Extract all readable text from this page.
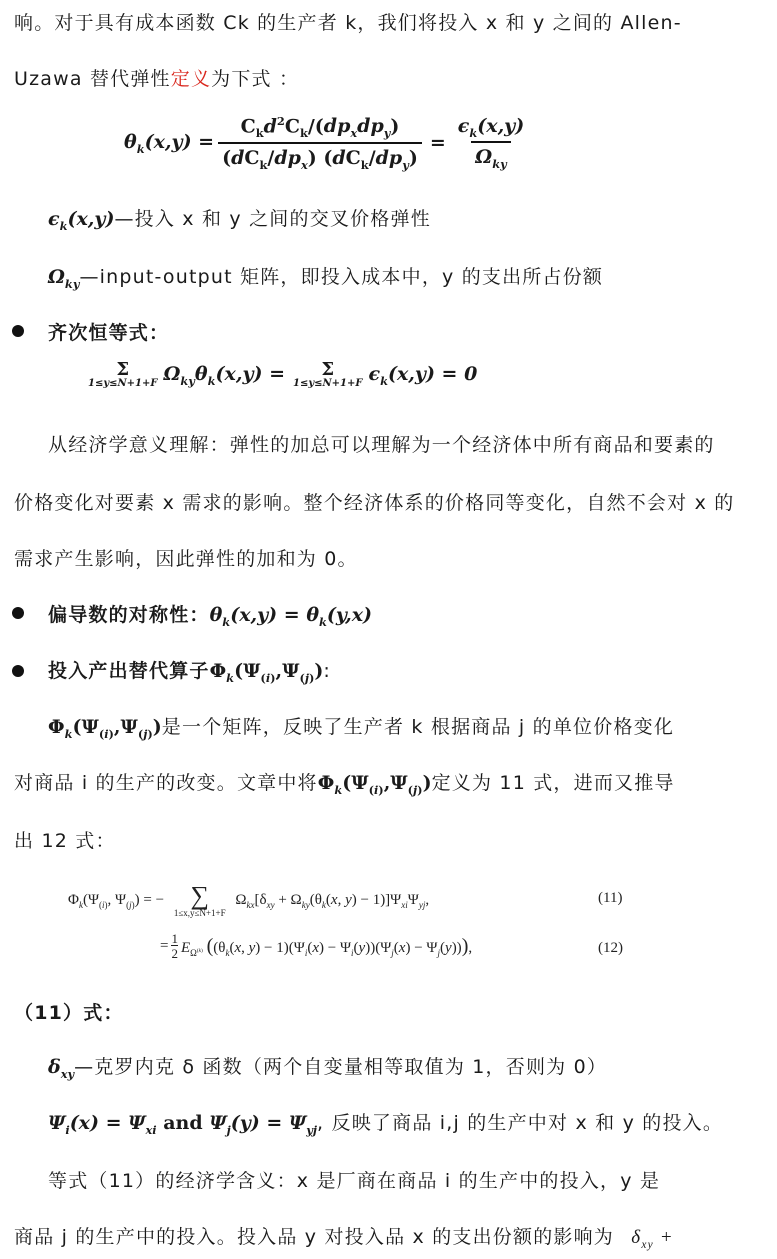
响。对于具有成本函数 Ck 的生产者 k，我们将投入 x 和 y 之间的 Allen-
Uzawa 替代弹性定义为下式 ：
$\theta_k(x,y) = \frac{C_kd^2C_k/(dp_xdp_y)}{(dC_k/dp_x) (dC_k/dp_y)} = \frac{\epsilon_k(x,y)}{\Omega_{ky}}$
$\epsilon_k(x,y)—$投入 x 和 y 之间的交叉价格弹性
$\Omega_{ky}—input$-output 矩阵，即投入成本中，y 的支出所占份额
齐次恒等式：
Σ
1≤y≤N+1+F $\Omega_{ky}\theta_k(x,y) = \Sigma$
1≤y≤N+1+F $\epsilon_k(x,y) = 0$
从经济学意义理解：弹性的加总可以理解为一个经济体中所有商品和要素的
价格变化对要素 x 需求的影响。整个经济体系的价格同等变化，自然不会对 x 的
需求产生影响，因此弹性的加和为 0。
偏导数的对称性：$\theta_k(x,y) = \theta_k(y,x)$
投入产出替代算子$\Phi_k(\Psi_{(i)},\Psi_{(j)})$:
$\Phi_k(\Psi_{(i)},\Psi_{(j)})$是一个矩阵，反映了生产者 k 根据商品 j 的单位价格变化
对商品 i 的生产的改变。文章中将$\Phi_k(\Psi_{(i)},\Psi_{(j)})$定义为 11 式，进而又推导
出 12 式：
$\Phi_k(\Psi_{(i)}$, $\Psi_{(j)}$) = − ∑
1≤x,y≤N+1+F
$\Omega_{kx}[\delta_{xy} + \Omega_{ky}(\theta_k(x$, $y) - 1)]\Psi_{xi}\Psi_{yj}$,	(11)
= $\frac{1}{2} E_{\Omega^{(k)}}$ (($\theta_k(x$, $y) - 1)(\Psi_i(x) - \Psi_i(y))(\Psi_j(x) - \Psi_j(y))$),	(12)
（11）式：
$\delta_{xy}—$克罗内克 δ 函数（两个自变量相等取值为 1，否则为 0）
$\Psi_i(x) = \Psi_{xi}$ and $\Psi_j(y) = \Psi_{yj}$, 反映了商品 i,j 的生产中对 x 和 y 的投入。
等式（11）的经济学含义：x 是厂商在商品 i 的生产中的投入，y 是
商品 j 的生产中的投入。投入品 y 对投入品 x 的支出份额的影响为 $\delta_{xy}$ +
